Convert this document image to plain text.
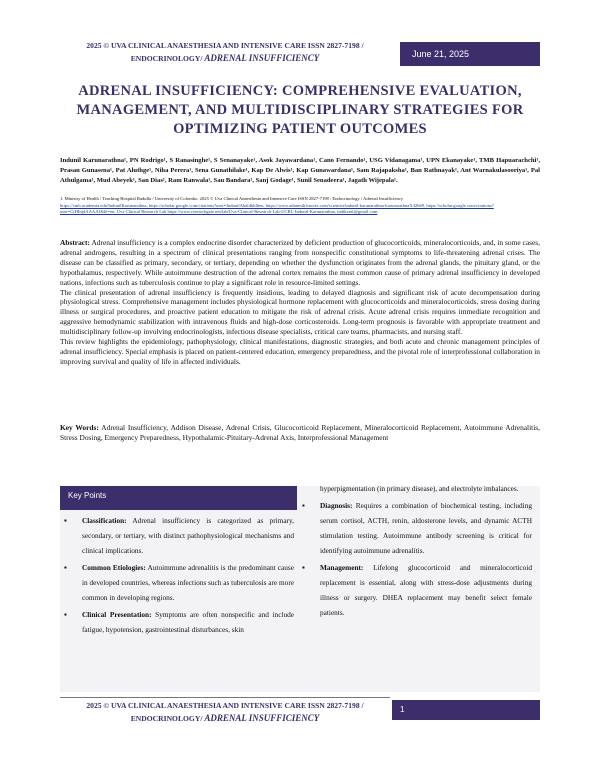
2025 © UVA CLINICAL ANAESTHESIA AND INTENSIVE CARE ISSN 2827-7198 /
ENDOCRINOLOGY/ ADRENAL INSUFFICIENCY	June 21, 2025
ADRENAL INSUFFICIENCY: COMPREHENSIVE EVALUATION, MANAGEMENT, AND MULTIDISCIPLINARY STRATEGIES FOR OPTIMIZING PATIENT OUTCOMES
Indunil Karunarathna¹, PN Rodrigo¹, S Ranasinghe¹, S Senanayake¹, Asok Jayawardana¹, Cano Fernando¹, USG Vidanagama¹, UPN Ekanayake¹, TMB Hapuarachchi¹, Prasan Gunasena¹, Pat Aluthge¹, Niha Perera¹, Sena Gunathilake¹, Kap De Alwis¹, Kap Gunawardana¹, Sam Rajapaksha¹, Ban Rathnayak¹, Ant Warnakulasooriya¹, Pal Athulgama¹, Mud Abeyek¹, San Dias¹, Ram Ranwala¹, Sau Bandara¹, Sanj Godage¹, Sunil Senadeera¹, Jagath Wijepala¹.
1. Ministry of Health / Teaching Hospital Badulla / University of Colombo. 2025 © Uva Clinical Anaesthesia and Intensive Care ISSN 2827-7198 / Endocrinology / Adrenal Insufficiency
https://cmb.academia.edu/IndunilKarunarathna, https://scholar.google.com/citations?user=IndunilAkaldkhlhen, https://www.adanesthfcnotes.com/scientist/indunil-karunarathna-karunarathnaX42b69, https://scholar.google.com/citations?user=CtHInjdAAAAJ&hl=en, Uva Clinical Research Lab https://www.researchgate.net/lab/Uva-Clinical-Research-Lab-UCRL-Indunil-Karunarathna, indikarut@gmail.com

Abstract: Adrenal insufficiency is a complex endocrine disorder characterized by deficient production of glucocorticoids, mineralocorticoids, and, in some cases, adrenal androgens, resulting in a spectrum of clinical presentations ranging from nonspecific constitutional symptoms to life-threatening adrenal crises. The disease can be classified as primary, secondary, or tertiary, depending on whether the dysfunction originates from the adrenal glands, the pituitary gland, or the hypothalamus, respectively. While autoimmune destruction of the adrenal cortex remains the most common cause of primary adrenal insufficiency in developed nations, infections such as tuberculosis continue to play a significant role in resource-limited settings.

The clinical presentation of adrenal insufficiency is frequently insidious, leading to delayed diagnosis and significant risk of acute decompensation during physiological stress. Comprehensive management includes physiological hormone replacement with glucocorticoids and mineralocorticoids, stress dosing during illness or surgical procedures, and proactive patient education to mitigate the risk of adrenal crisis. Acute adrenal crisis requires immediate recognition and aggressive hemodynamic stabilization with intravenous fluids and high-dose corticosteroids. Long-term prognosis is favorable with appropriate treatment and multidisciplinary follow-up involving endocrinologists, infectious disease specialists, critical care teams, pharmacists, and nursing staff.

This review highlights the epidemiology, pathophysiology, clinical manifestations, diagnostic strategies, and both acute and chronic management principles of adrenal insufficiency. Special emphasis is placed on patient-centered education, emergency preparedness, and the pivotal role of interprofessional collaboration in improving survival and quality of life in affected individuals.

Key Words: Adrenal Insufficiency, Addison Disease, Adrenal Crisis, Glucocorticoid Replacement, Mineralocorticoid Replacement, Autoimmune Adrenalitis, Stress Dosing, Emergency Preparedness, Hypothalamic-Pituitary-Adrenal Axis, Interprofessional Management
Key Points
▪ Classification: Adrenal insufficiency is categorized as primary, secondary, or tertiary, with distinct pathophysiological mechanisms and clinical implications.
▪ Common Etiologies: Autoimmune adrenalitis is the predominant cause in developed countries, whereas infections such as tuberculosis are more common in developing regions.
▪ Clinical Presentation: Symptoms are often nonspecific and include fatigue, hypotension, gastrointestinal disturbances, skin
hyperpigmentation (in primary disease), and electrolyte imbalances.
▪ Diagnosis: Requires a combination of biochemical testing, including serum cortisol, ACTH, renin, aldosterone levels, and dynamic ACTH stimulation testing. Autoimmune antibody screening is critical for identifying autoimmune adrenalitis.
▪ Management: Lifelong glucocorticoid and mineralocorticoid replacement is essential, along with stress-dose adjustments during illness or surgery. DHEA replacement may benefit select female patients.
2025 © UVA CLINICAL ANAESTHESIA AND INTENSIVE CARE ISSN 2827-7198 /
ENDOCRINOLOGY/ ADRENAL INSUFFICIENCY
1
